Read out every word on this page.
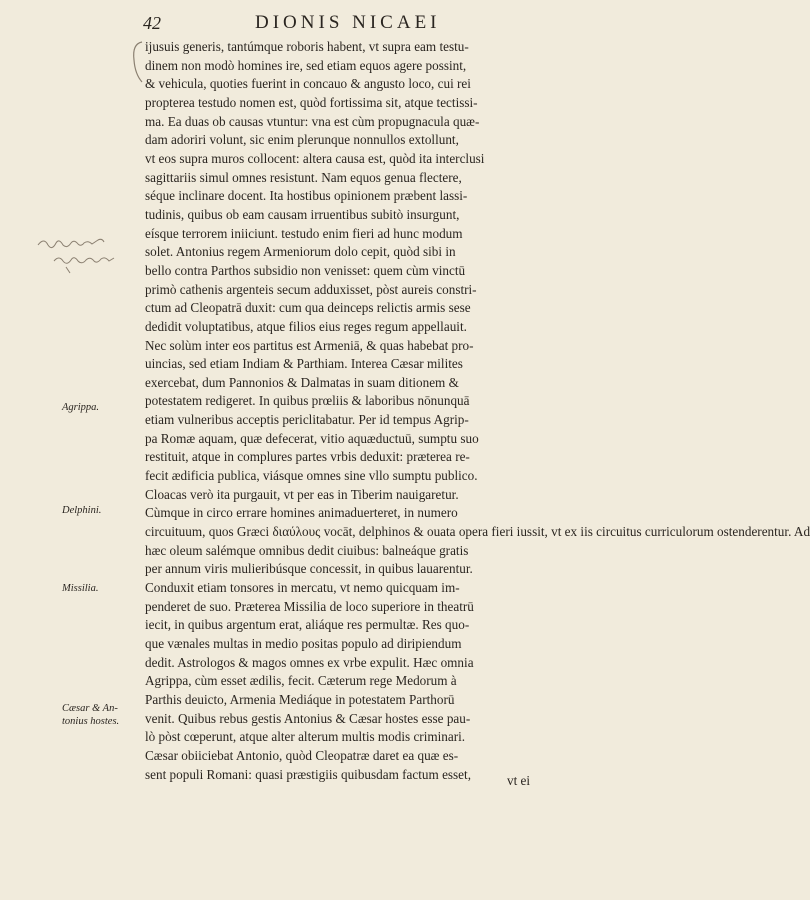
42	DIONIS NICAEI
ijusuis generis, tantúmque roboris habent, vt supra eam testu-
dinem non modò homines ire, sed etiam equos agere possint,
& vehicula, quoties fuerint in concauo & angusto loco, cui rei
propterea testudo nomen est, quòd fortissima sit, atque tectissi-
ma. Ea duas ob causas vtuntur: vna est cùm propugnacula quæ-
dam adoriri volunt, sic enim plerunque nonnullos extollunt,
vt eos supra muros collocent: altera causa est, quòd ita interclusi
sagittariis simul omnes resistunt. Nam equos genua flectere,
séque inclinare docent. Ita hostibus opinionem præbent lassi-
tudinis, quibus ob eam causam irruentibus subitò insurgunt,
eísque terrorem iniiciunt. testudo enim fieri ad hunc modum
solet. Antonius regem Armeniorum dolo cepit, quòd sibi in
bello contra Parthos subsidio non venisset: quem cùm vinctū
primò cathenis argenteis secum adduxisset, pòst aureis constri-
ctum ad Cleopatrā duxit: cum qua deinceps relictis armis sese
dedidit voluptatibus, atque filios eius reges regum appellauit.
Nec solùm inter eos partitus est Armeniā, & quas habebat pro-
uincias, sed etiam Indiam & Parthiam. Interea Cæsar milites
exercebat, dum Pannonios & Dalmatas in suam ditionem &
potestatem redigeret. In quibus prœliis & laboribus nōnunquā
etiam vulneribus acceptis periclitabatur. Per id tempus Agrip-
pa Romæ aquam, quæ defecerat, vitio aquæductuū, sumptu suo
restituit, atque in complures partes vrbis deduxit: præterea re-
fecit ædificia publica, viásque omnes sine vllo sumptu publico.
Cloacas verò ita purgauit, vt per eas in Tiberim nauigaretur.
Cùmque in circo errare homines animaduerteret, in numero
circuituum, quos Græci διαύλους vocāt, delphinos & ouata opera fieri iussit, vt ex iis circuitus curriculorum ostenderentur. Ad
hæc oleum salémque omnibus dedit ciuibus: balneáque gratis
per annum viris mulieribúsque concessit, in quibus lauarentur.
Conduxit etiam tonsores in mercatu, vt nemo quicquam im-
penderet de suo. Præterea Missilia de loco superiore in theatrū
iecit, in quibus argentum erat, aliáque res permultæ. Res quo-
que vænales multas in medio positas populo ad diripiendum
dedit. Astrologos & magos omnes ex vrbe expulit. Hæc omnia
Agrippa, cùm esset ædilis, fecit. Cæterum rege Medorum à
Parthis deuicto, Armenia Mediáque in potestatem Parthorū
venit. Quibus rebus gestis Antonius & Cæsar hostes esse pau-
lò pòst cœperunt, atque alter alterum multis modis criminari.
Cæsar obiiciebat Antonio, quòd Cleopatræ daret ea quæ es-
sent populi Romani: quasi præstigiis quibusdam factum esset,	vt ei
Agrippa.
Delphini.
Missilia.
Cæsar & An-
tonius hostes.
